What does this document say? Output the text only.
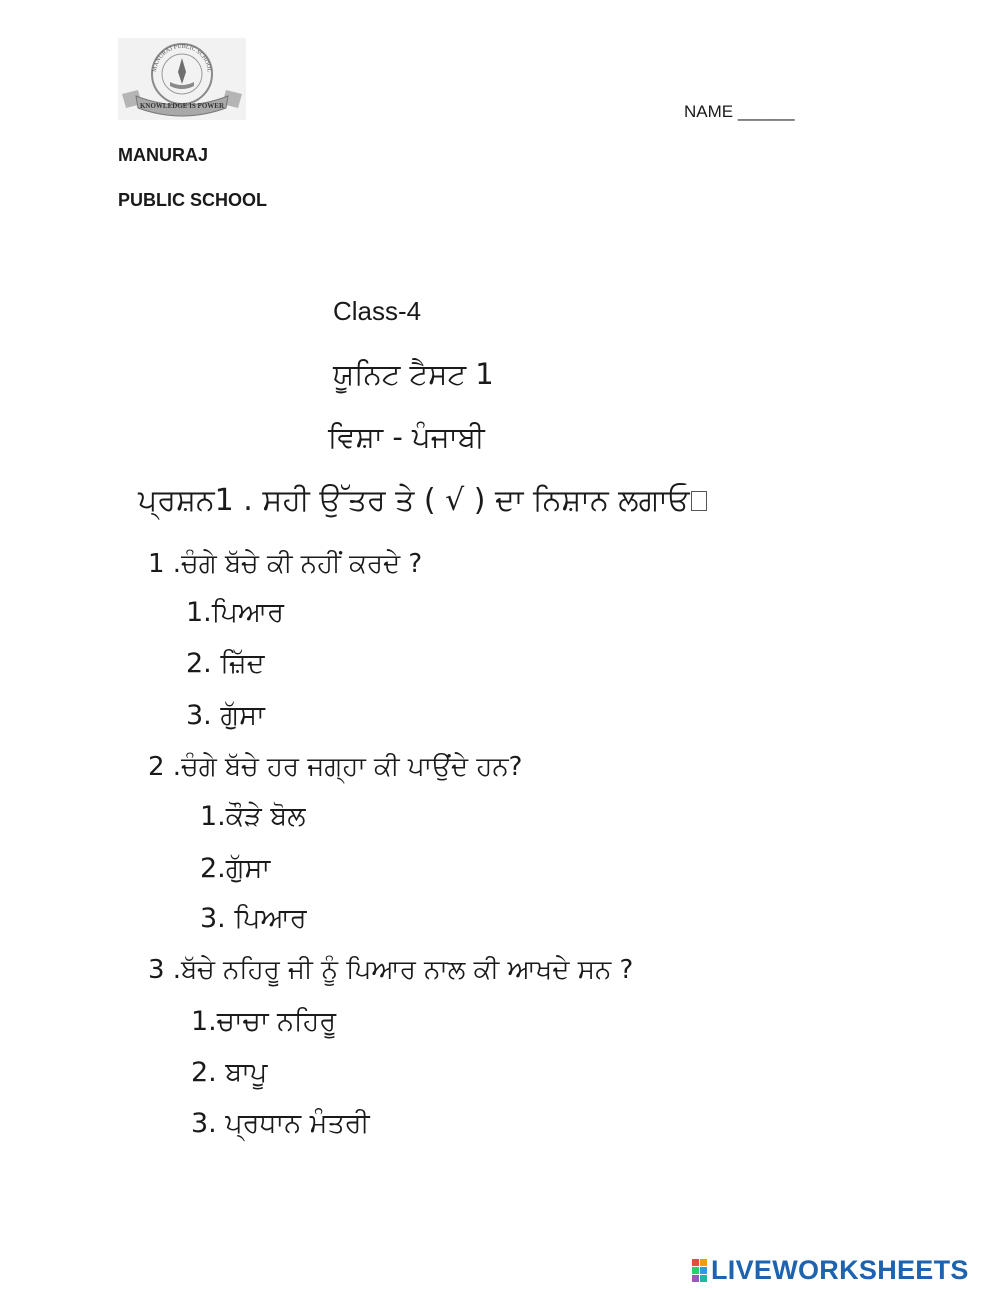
KNOWLEDGE IS POWER
MANURAJ PUBLIC SCHOOL
NAME ______
MANURAJ
PUBLIC SCHOOL
Class-4
ਯੂਨਿਟ ਟੈਸਟ 1
ਵਿਸ਼ਾ - ਪੰਜਾਬੀ
ਪ੍ਰਸ਼ਨ1 . ਸਹੀ ਉੱਤਰ ਤੇ ( √ ) ਦਾ ਨਿਸ਼ਾਨ ਲਗਾਓ
1 .ਚੰਗੇ ਬੱਚੇ ਕੀ ਨਹੀਂ ਕਰਦੇ ?
1.ਪਿਆਰ
2. ਜ਼ਿੱਦ
3. ਗੁੱਸਾ
2 .ਚੰਗੇ ਬੱਚੇ ਹਰ ਜਗ੍ਹਾ ਕੀ ਪਾਉਂਦੇ ਹਨ?
1.ਕੌੜੇ ਬੋਲ
2.ਗੁੱਸਾ
3. ਪਿਆਰ
3 .ਬੱਚੇ ਨਹਿਰੂ ਜੀ ਨੂੰ ਪਿਆਰ ਨਾਲ ਕੀ ਆਖਦੇ ਸਨ ?
1.ਚਾਚਾ ਨਹਿਰੂ
2. ਬਾਪੂ
3. ਪ੍ਰਧਾਨ ਮੰਤਰੀ
LIVEWORKSHEETS
